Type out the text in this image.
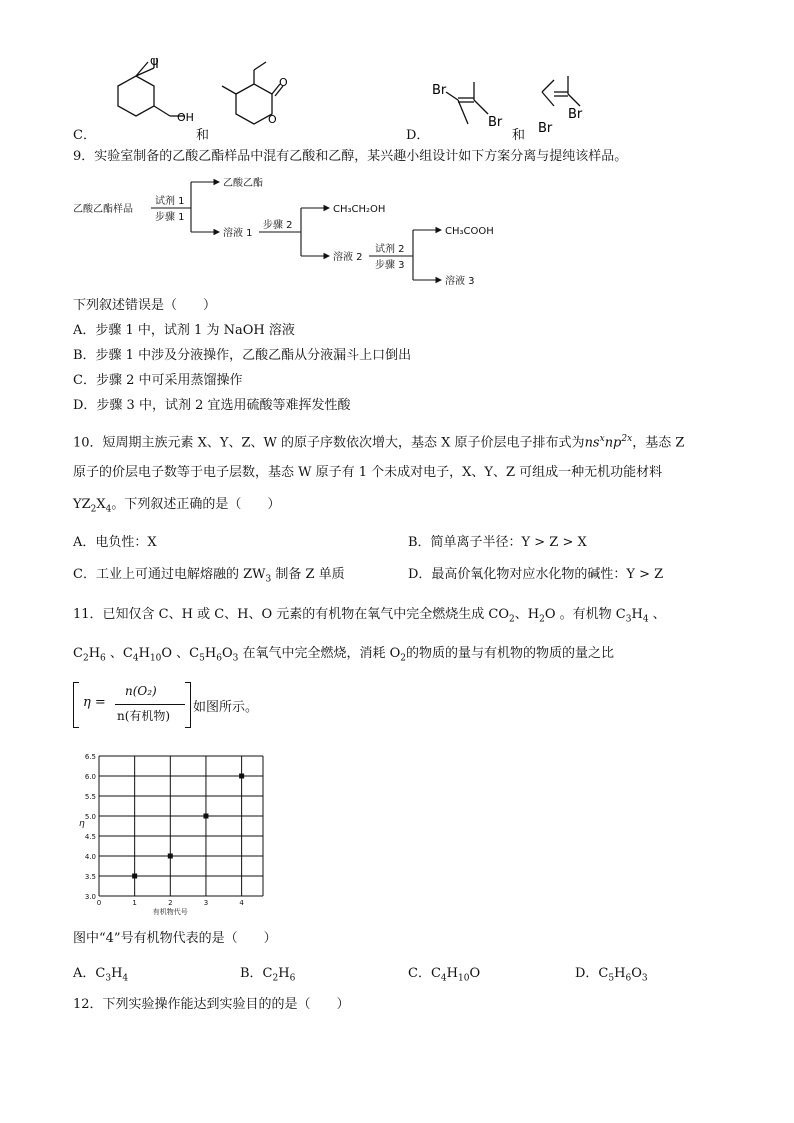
C．
O
OH
和
O
O
D．
Br
Br
和
Br
Br
9．实验室制备的乙酸乙酯样品中混有乙酸和乙醇，某兴趣小组设计如下方案分离与提纯该样品。
乙酸乙酯样品
试剂 1
步骤 1
乙酸乙酯
溶液 1
步骤 2
CH₃CH₂OH
溶液 2
试剂 2
步骤 3
CH₃COOH
溶液 3
下列叙述错误是（　　）
A．步骤 1 中，试剂 1 为 NaOH 溶液
B．步骤 1 中涉及分液操作，乙酸乙酯从分液漏斗上口倒出
C．步骤 2 中可采用蒸馏操作
D．步骤 3 中，试剂 2 宜选用硫酸等难挥发性酸
10．短周期主族元素 X、Y、Z、W 的原子序数依次增大，基态 X 原子价层电子排布式为$ns^xnp^{2x}$，基态 Z
原子的价层电子数等于电子层数，基态 W 原子有 1 个未成对电子，X、Y、Z 可组成一种无机功能材料
$YZ_2X_4$。下列叙述正确的是（　　）
A．电负性：X	B．简单离子半径：Y > Z > X
C．工业上可通过电解熔融的 $ZW_3$ 制备 Z 单质	D．最高价氧化物对应水化物的碱性：Y > Z
11．已知仅含 C、H 或 C、H、O 元素的有机物在氧气中完全燃烧生成 $CO_2$、$H_2O$ 。有机物 $C_3H_4$ 、
$C_2H_6$ 、$C_4H_{10}O$ 、$C_5H_6O_3$ 在氧气中完全燃烧，消耗 $O_2$的物质的量与有机物的物质的量之比
η =
n(O₂)
n(有机物)
如图所示。
3.0
3.5
4.0
4.5
5.0
5.5
6.0
6.5
0	1	2	3	4
有机物代号
η
图中“4”号有机物代表的是（　　）
A．$C_3H_4$	B．$C_2H_6$	C．$C_4H_{10}O$	D．$C_5H_6O_3$
12．下列实验操作能达到实验目的的是（　　）
